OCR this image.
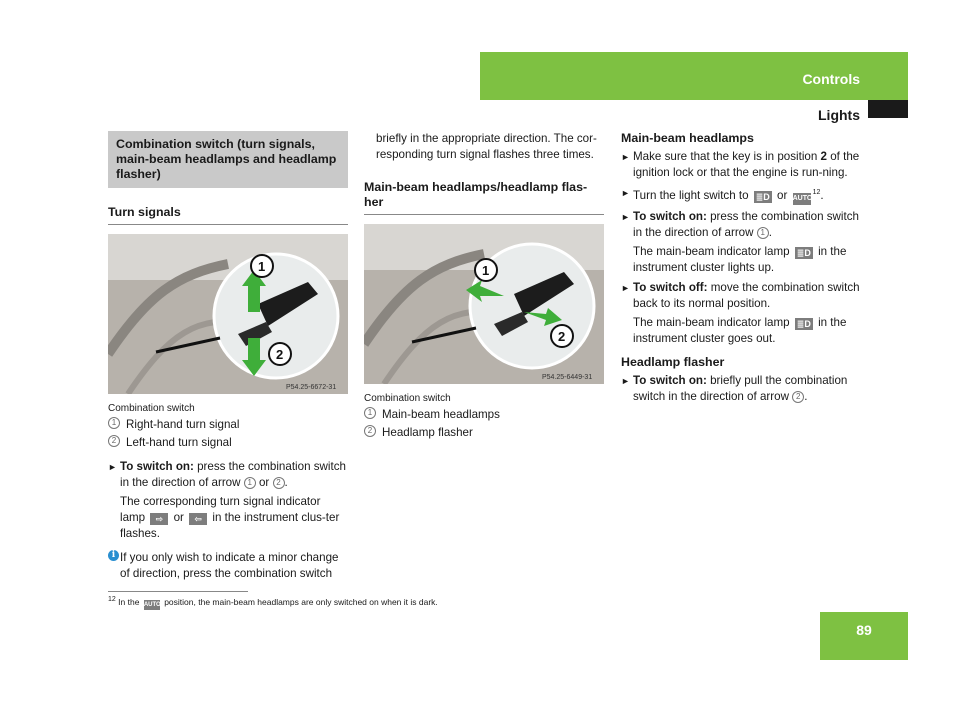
Controls
Lights
Combination switch (turn signals, main-beam headlamps and headlamp flasher)
Turn signals
1
2
P54.25-6672-31
Combination switch
1 Right-hand turn signal
2 Left-hand turn signal
► To switch on: press the combination switch in the direction of arrow 1 or 2 .
The corresponding turn signal indicator lamp ⇨ or ⇦ in the instrument clus-ter flashes.
i If you only wish to indicate a minor change of direction, press the combination switch
briefly in the appropriate direction. The cor-responding turn signal flashes three times.
Main-beam headlamps/headlamp flas-her
1
2
P54.25-6449-31
Combination switch
1 Main-beam headlamps
2 Headlamp flasher
Main-beam headlamps
► Make sure that the key is in position 2 of the ignition lock or that the engine is run-ning.
► Turn the light switch to ≣D or AUTO$^{12}$.
► To switch on: press the combination switch in the direction of arrow 1 .
The main-beam indicator lamp ≣D in the instrument cluster lights up.
► To switch off: move the combination switch back to its normal position.
The main-beam indicator lamp ≣D in the instrument cluster goes out.
Headlamp flasher
► To switch on: briefly pull the combination switch in the direction of arrow 2 .
$^{12}$ In the AUTO position, the main-beam headlamps are only switched on when it is dark.
89
